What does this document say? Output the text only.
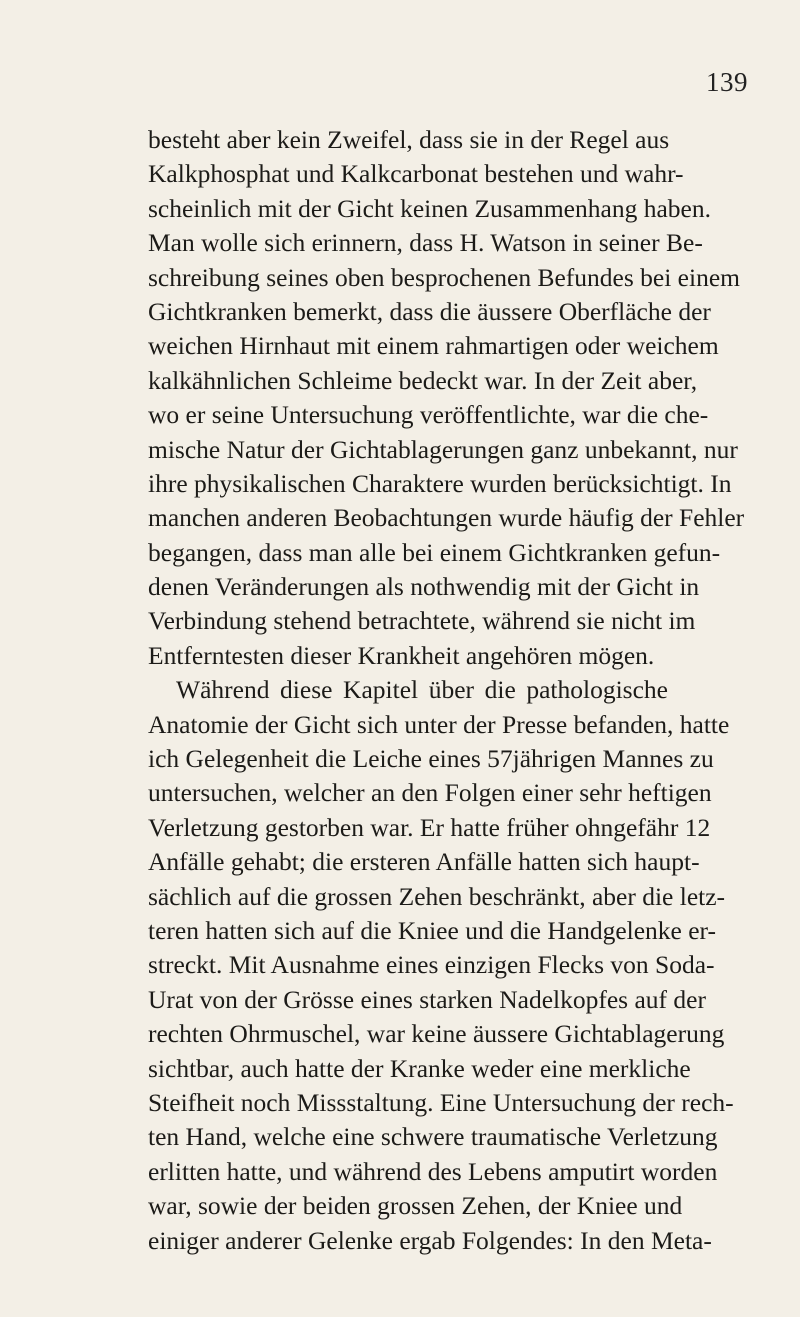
139
besteht aber kein Zweifel, dass sie in der Regel aus
Kalkphosphat und Kalkcarbonat bestehen und wahr-
scheinlich mit der Gicht keinen Zusammenhang haben.
Man wolle sich erinnern, dass H. Watson in seiner Be-
schreibung seines oben besprochenen Befundes bei einem
Gichtkranken bemerkt, dass die äussere Oberfläche der
weichen Hirnhaut mit einem rahmartigen oder weichem
kalkähnlichen Schleime bedeckt war. In der Zeit aber,
wo er seine Untersuchung veröffentlichte, war die che-
mische Natur der Gichtablagerungen ganz unbekannt, nur
ihre physikalischen Charaktere wurden berücksichtigt. In
manchen anderen Beobachtungen wurde häufig der Fehler
begangen, dass man alle bei einem Gichtkranken gefun-
denen Veränderungen als nothwendig mit der Gicht in
Verbindung stehend betrachtete, während sie nicht im
Entferntesten dieser Krankheit angehören mögen.
Während diese Kapitel über die pathologische
Anatomie der Gicht sich unter der Presse befanden, hatte
ich Gelegenheit die Leiche eines 57jährigen Mannes zu
untersuchen, welcher an den Folgen einer sehr heftigen
Verletzung gestorben war. Er hatte früher ohngefähr 12
Anfälle gehabt; die ersteren Anfälle hatten sich haupt-
sächlich auf die grossen Zehen beschränkt, aber die letz-
teren hatten sich auf die Kniee und die Handgelenke er-
streckt. Mit Ausnahme eines einzigen Flecks von Soda-
Urat von der Grösse eines starken Nadelkopfes auf der
rechten Ohrmuschel, war keine äussere Gichtablagerung
sichtbar, auch hatte der Kranke weder eine merkliche
Steifheit noch Missstaltung. Eine Untersuchung der rech-
ten Hand, welche eine schwere traumatische Verletzung
erlitten hatte, und während des Lebens amputirt worden
war, sowie der beiden grossen Zehen, der Kniee und
einiger anderer Gelenke ergab Folgendes: In den Meta-
